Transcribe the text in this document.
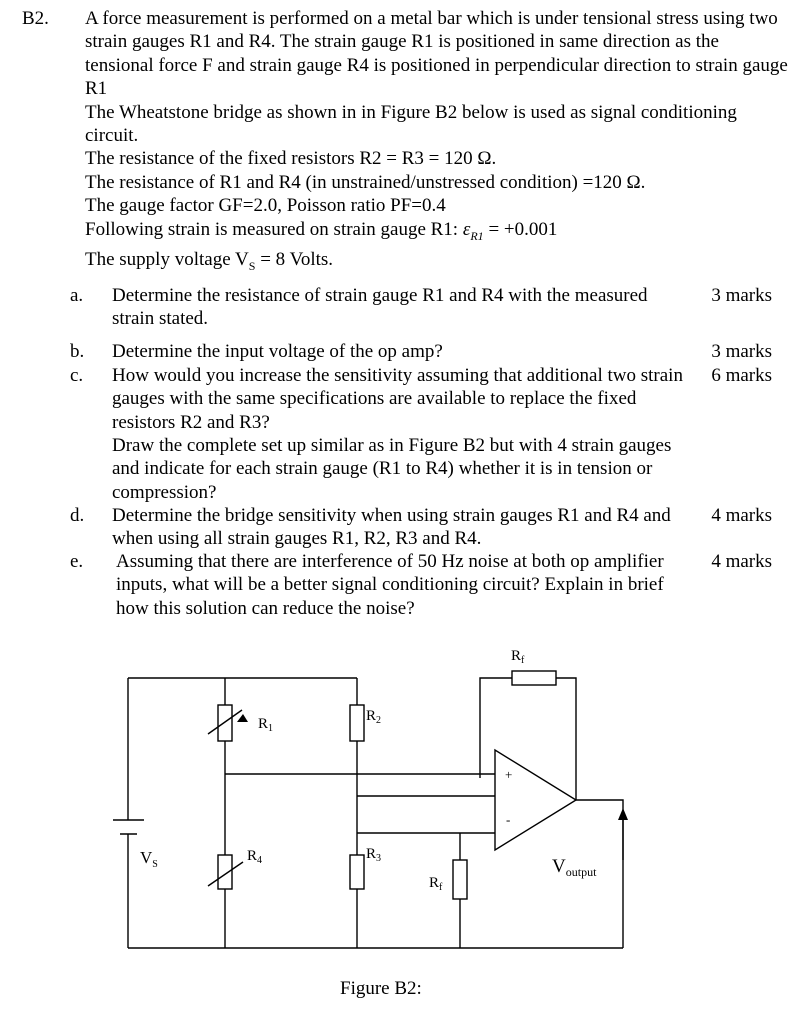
B2. A force measurement is performed on a metal bar which is under tensional stress using two strain gauges R1 and R4. The strain gauge R1 is positioned in same direction as the tensional force F and strain gauge R4 is positioned in perpendicular direction to strain gauge R1

The Wheatstone bridge as shown in in Figure B2 below is used as signal conditioning circuit.

The resistance of the fixed resistors R2 = R3 = 120 Ω.

The resistance of R1 and R4 (in unstrained/unstressed condition) =120 Ω.

The gauge factor GF=2.0, Poisson ratio PF=0.4

Following strain is measured on strain gauge R1: $\varepsilon_{R1} = +0.001$

The supply voltage $V_S = 8$ Volts.

a. Determine the resistance of strain gauge R1 and R4 with the measured strain stated.
3 marks
b. Determine the input voltage of the op amp?	3 marks
c. How would you increase the sensitivity assuming that additional two strain gauges with the same specifications are available to replace the fixed resistors R2 and R3?
6 marks
Draw the complete set up similar as in Figure B2 but with 4 strain gauges and indicate for each strain gauge (R1 to R4) whether it is in tension or compression?
d. Determine the bridge sensitivity when using strain gauges R1 and R4 and when using all strain gauges R1, R2, R3 and R4.
4 marks
e. Assuming that there are interference of 50 Hz noise at both op amplifier inputs, what will be a better signal conditioning circuit? Explain in brief how this solution can reduce the noise?
4 marks
$R_f$
$R_1$
$R_2$
+
-
$V_S$
$R_4$	$R_3$
$R_f$
$V_{output}$
Figure B2:
